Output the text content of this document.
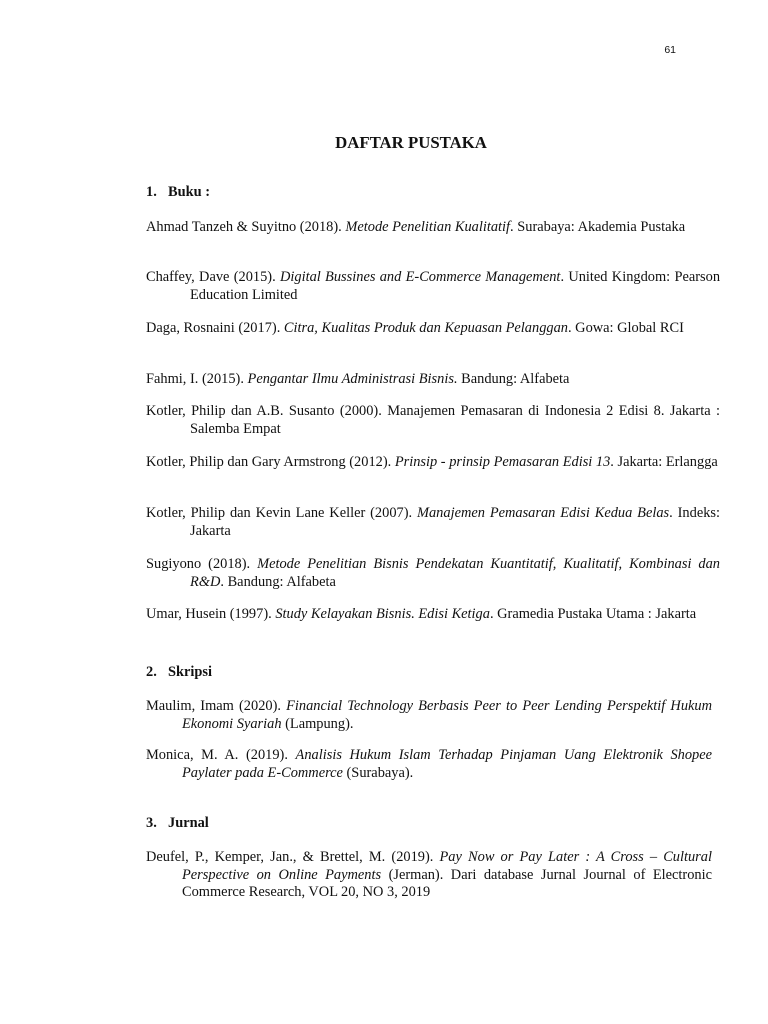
61
DAFTAR PUSTAKA
1. Buku :

Ahmad Tanzeh & Suyitno (2018). Metode Penelitian Kualitatif. Surabaya: Akademia Pustaka

Chaffey, Dave (2015). Digital Bussines and E-Commerce Management. United Kingdom: Pearson Education Limited

Daga, Rosnaini (2017). Citra, Kualitas Produk dan Kepuasan Pelanggan. Gowa: Global RCI

Fahmi, I. (2015). Pengantar Ilmu Administrasi Bisnis. Bandung: Alfabeta

Kotler, Philip dan A.B. Susanto (2000). Manajemen Pemasaran di Indonesia 2 Edisi 8. Jakarta : Salemba Empat

Kotler, Philip dan Gary Armstrong (2012). Prinsip - prinsip Pemasaran Edisi 13. Jakarta: Erlangga

Kotler, Philip dan Kevin Lane Keller (2007). Manajemen Pemasaran Edisi Kedua Belas. Indeks: Jakarta

Sugiyono (2018). Metode Penelitian Bisnis Pendekatan Kuantitatif, Kualitatif, Kombinasi dan R&D. Bandung: Alfabeta

Umar, Husein (1997). Study Kelayakan Bisnis. Edisi Ketiga. Gramedia Pustaka Utama : Jakarta

2. Skripsi

Maulim, Imam (2020). Financial Technology Berbasis Peer to Peer Lending Perspektif Hukum Ekonomi Syariah (Lampung).

Monica, M. A. (2019). Analisis Hukum Islam Terhadap Pinjaman Uang Elektronik Shopee Paylater pada E-Commerce (Surabaya).

3. Jurnal

Deufel, P., Kemper, Jan., & Brettel, M. (2019). Pay Now or Pay Later : A Cross – Cultural Perspective on Online Payments (Jerman). Dari database Jurnal Journal of Electronic Commerce Research, VOL 20, NO 3, 2019
